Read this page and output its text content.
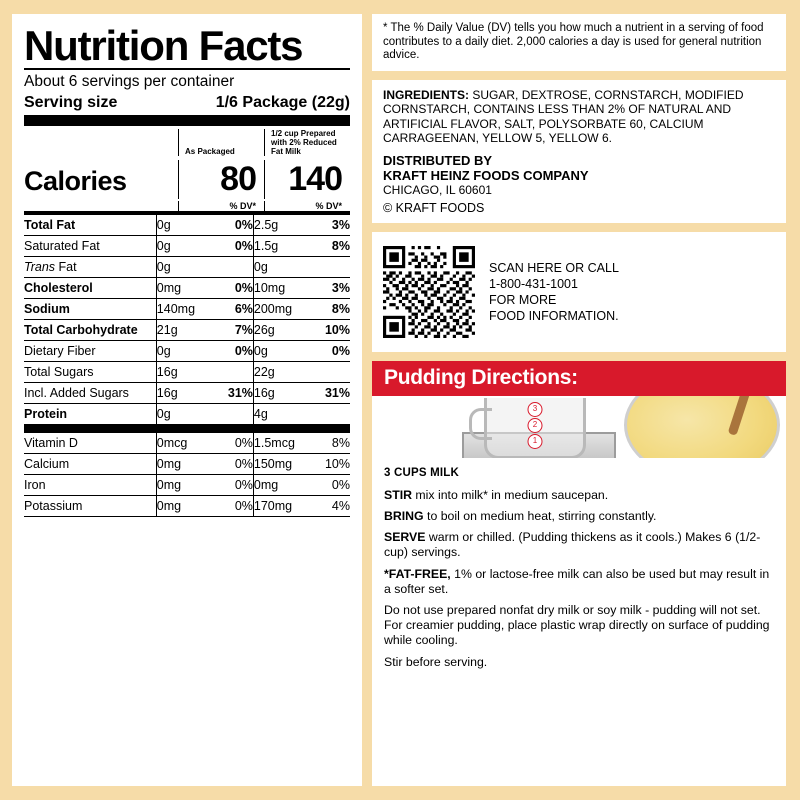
Nutrition Facts
About 6 servings per container
Serving size	1/6 Package (22g)
As Packaged
1/2 cup Prepared with 2% Reduced Fat Milk
Calories	80 140
% DV*	% DV*
Total Fat	0g	0%	2.5g	3%
Saturated Fat	0g	0%	1.5g	8%
Trans Fat	0g		0g	
Cholesterol	0mg	0%	10mg	3%
Sodium	140mg	6%	200mg	8%
Total Carbohydrate	21g	7%	26g	10%
Dietary Fiber	0g	0%	0g	0%
Total Sugars	16g		22g	
Incl. Added Sugars	16g	31%	16g	31%
Protein	0g		4g	
Vitamin D	0mcg	0%	1.5mcg	8%
Calcium	0mg	0%	150mg	10%
Iron	0mg	0%	0mg	0%
Potassium	0mg	0%	170mg	4%
* The % Daily Value (DV) tells you how much a nutrient in a serving of food contributes to a daily diet. 2,000 calories a day is used for general nutrition advice.
INGREDIENTS: SUGAR, DEXTROSE, CORNSTARCH, MODIFIED CORNSTARCH, CONTAINS LESS THAN 2% OF NATURAL AND ARTIFICIAL FLAVOR, SALT, POLYSORBATE 60, CALCIUM CARRAGEENAN, YELLOW 5, YELLOW 6.
DISTRIBUTED BY
KRAFT HEINZ FOODS COMPANY
CHICAGO, IL 60601
© KRAFT FOODS
SCAN HERE OR CALL
1-800-431-1001
FOR MORE
FOOD INFORMATION.
Pudding Directions:
3
2
1
3 CUPS MILK

STIR mix into milk* in medium saucepan.

BRING to boil on medium heat, stirring constantly.

SERVE warm or chilled. (Pudding thickens as it cools.) Makes 6 (1/2-cup) servings.

*FAT-FREE, 1% or lactose-free milk can also be used but may result in a softer set.

Do not use prepared nonfat dry milk or soy milk - pudding will not set. For creamier pudding, place plastic wrap directly on surface of pudding while cooling.

Stir before serving.
